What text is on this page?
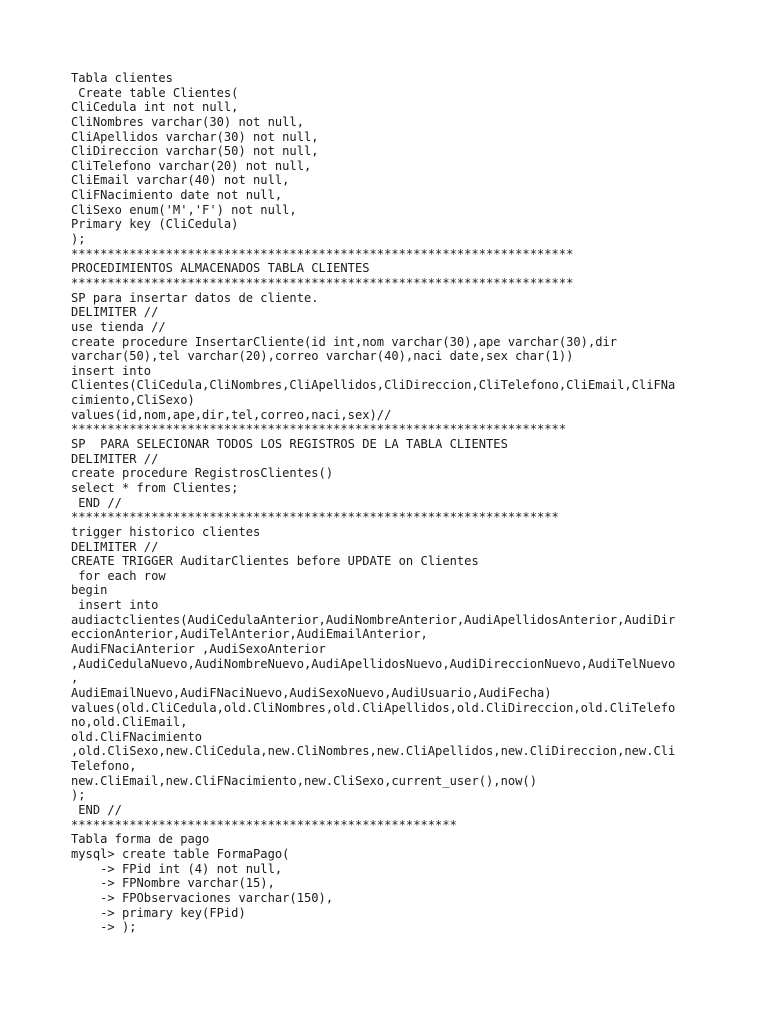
Tabla clientes
Create table Clientes(
CliCedula int not null,
CliNombres varchar(30) not null,
CliApellidos varchar(30) not null,
CliDireccion varchar(50) not null,
CliTelefono varchar(20) not null,
CliEmail varchar(40) not null,
CliFNacimiento date not null,
CliSexo enum('M','F') not null,
Primary key (CliCedula)
);
*********************************************************************
PROCEDIMIENTOS ALMACENADOS TABLA CLIENTES
*********************************************************************
SP para insertar datos de cliente.
DELIMITER //
use tienda //
create procedure InsertarCliente(id int,nom varchar(30),ape varchar(30),dir
varchar(50),tel varchar(20),correo varchar(40),naci date,sex char(1))
insert into
Clientes(CliCedula,CliNombres,CliApellidos,CliDireccion,CliTelefono,CliEmail,CliFNa
cimiento,CliSexo)
values(id,nom,ape,dir,tel,correo,naci,sex)//
********************************************************************
SP  PARA SELECIONAR TODOS LOS REGISTROS DE LA TABLA CLIENTES
DELIMITER //
create procedure RegistrosClientes()
select * from Clientes;
END //
*******************************************************************
trigger historico clientes
DELIMITER //
CREATE TRIGGER AuditarClientes before UPDATE on Clientes
for each row
begin
insert into
audiactclientes(AudiCedulaAnterior,AudiNombreAnterior,AudiApellidosAnterior,AudiDir
eccionAnterior,AudiTelAnterior,AudiEmailAnterior,
AudiFNaciAnterior ,AudiSexoAnterior
,AudiCedulaNuevo,AudiNombreNuevo,AudiApellidosNuevo,AudiDireccionNuevo,AudiTelNuevo
,
AudiEmailNuevo,AudiFNaciNuevo,AudiSexoNuevo,AudiUsuario,AudiFecha)
values(old.CliCedula,old.CliNombres,old.CliApellidos,old.CliDireccion,old.CliTelefo
no,old.CliEmail,
old.CliFNacimiento
,old.CliSexo,new.CliCedula,new.CliNombres,new.CliApellidos,new.CliDireccion,new.Cli
Telefono,
new.CliEmail,new.CliFNacimiento,new.CliSexo,current_user(),now()
);
END //
*****************************************************
Tabla forma de pago
mysql> create table FormaPago(
-> FPid int (4) not null,
-> FPNombre varchar(15),
-> FPObservaciones varchar(150),
-> primary key(FPid)
-> );
